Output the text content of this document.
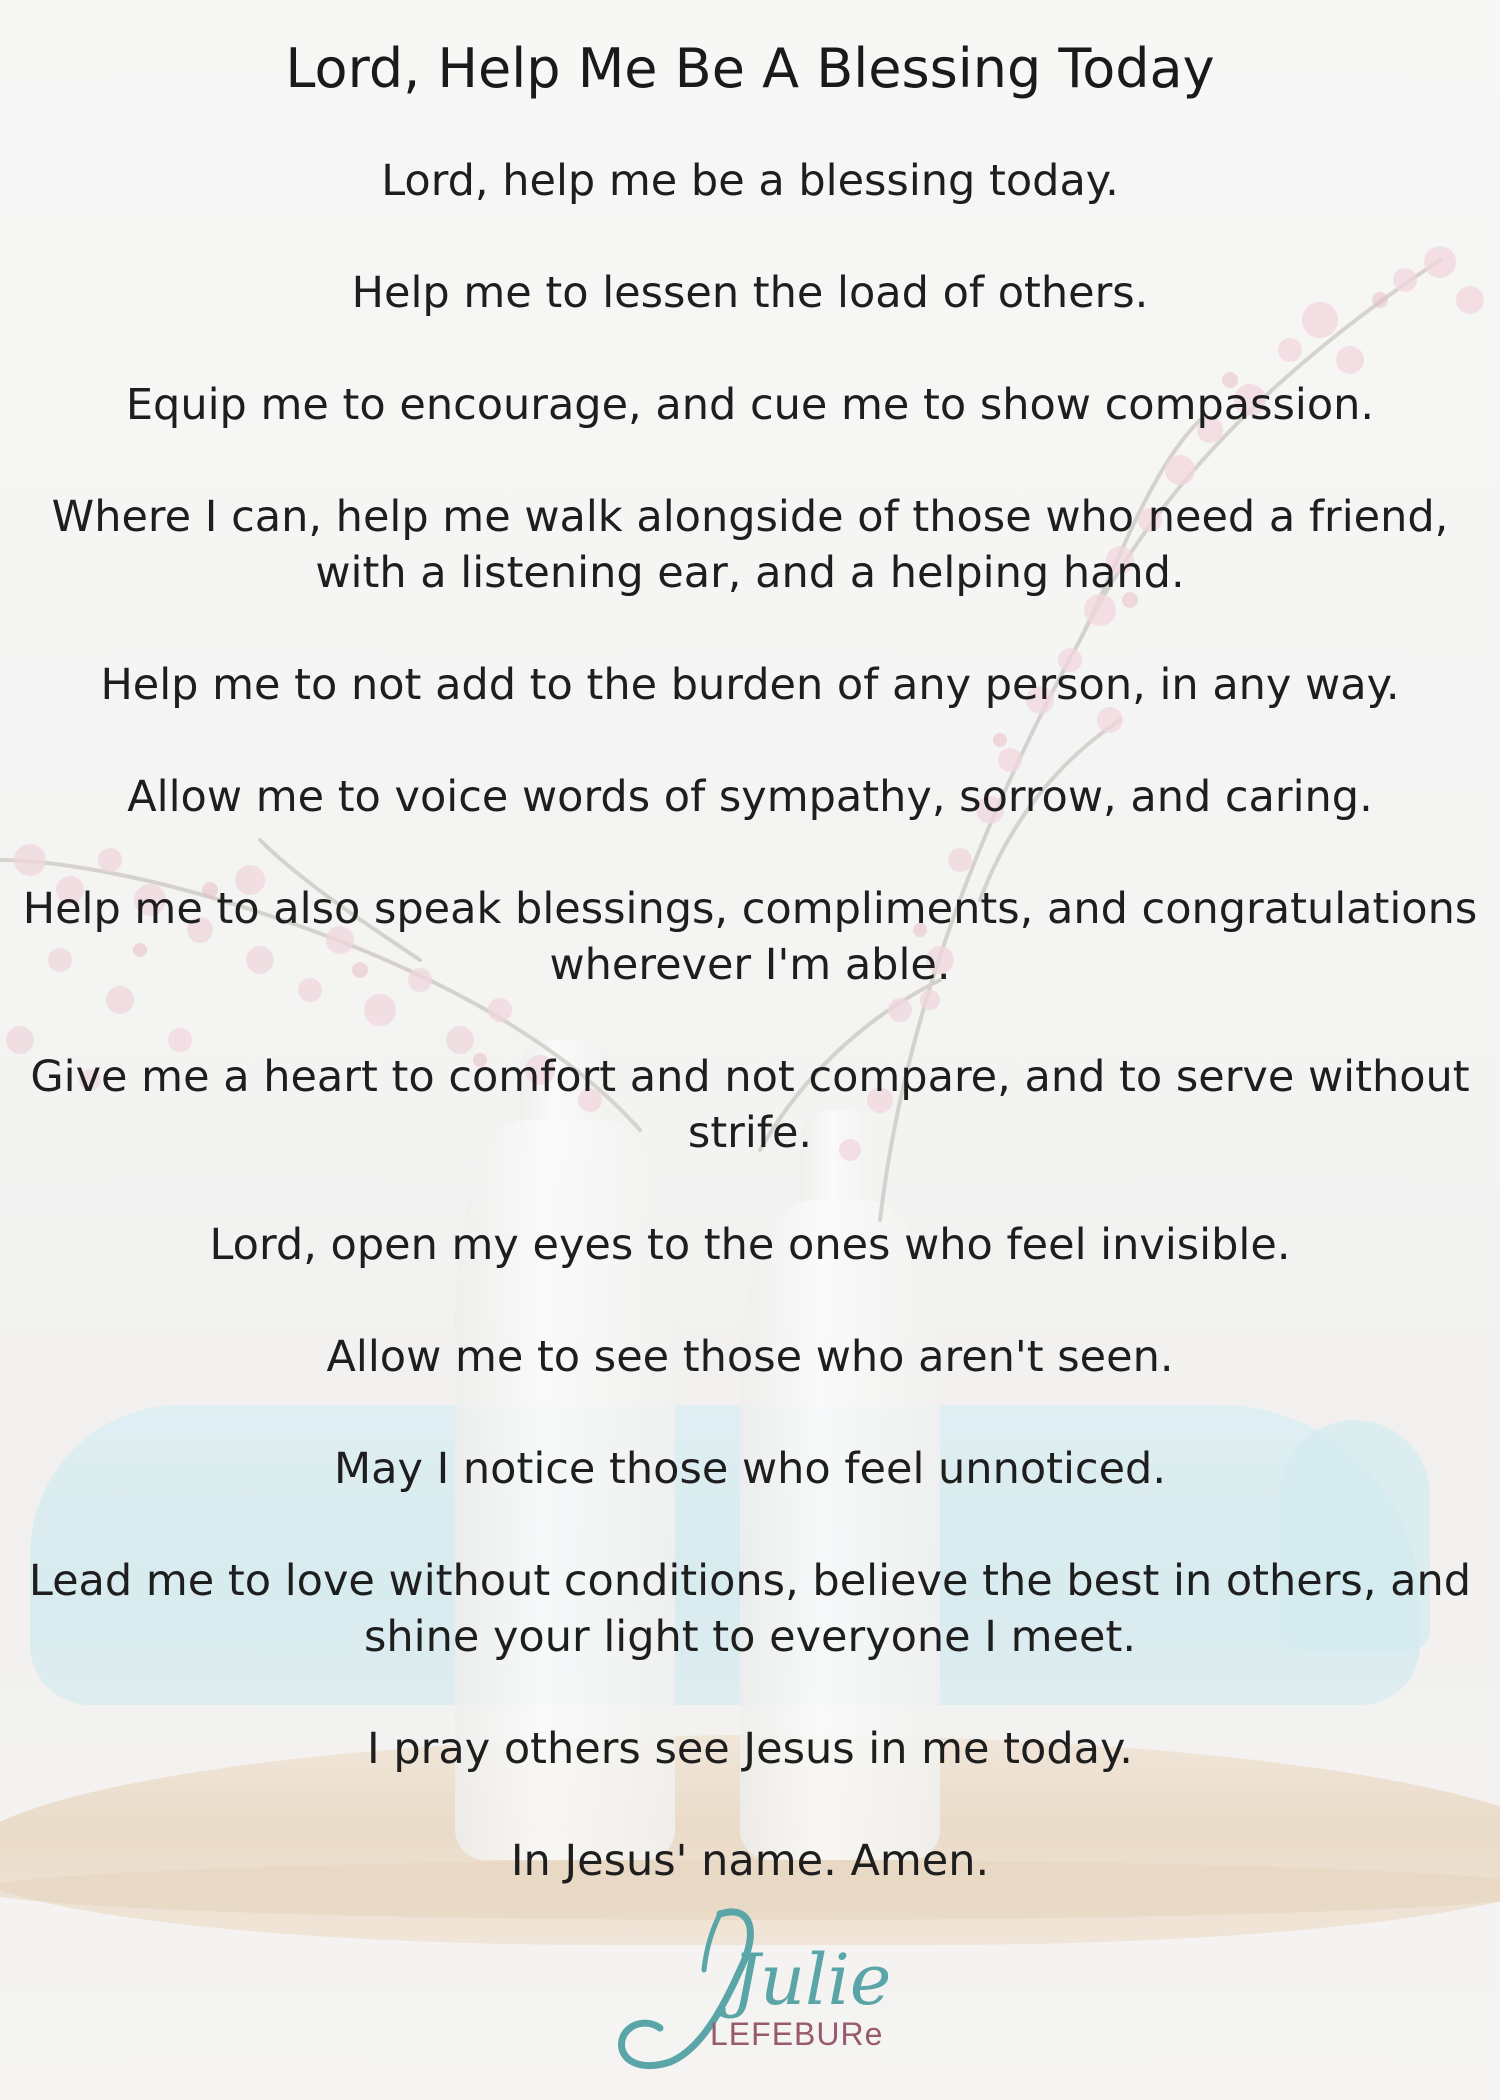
Lord, Help Me Be A Blessing Today

Lord, help me be a blessing today.

Help me to lessen the load of others.

Equip me to encourage, and cue me to show compassion.

Where I can, help me walk alongside of those who need a friend, with a listening ear, and a helping hand.

Help me to not add to the burden of any person, in any way.

Allow me to voice words of sympathy, sorrow, and caring.

Help me to also speak blessings, compliments, and congratulations wherever I'm able.

Give me a heart to comfort and not compare, and to serve without strife.

Lord, open my eyes to the ones who feel invisible.

Allow me to see those who aren't seen.

May I notice those who feel unnoticed.

Lead me to love without conditions, believe the best in others, and shine your light to everyone I meet.

I pray others see Jesus in me today.

In Jesus' name. Amen.

Julie
LEFEBURe
